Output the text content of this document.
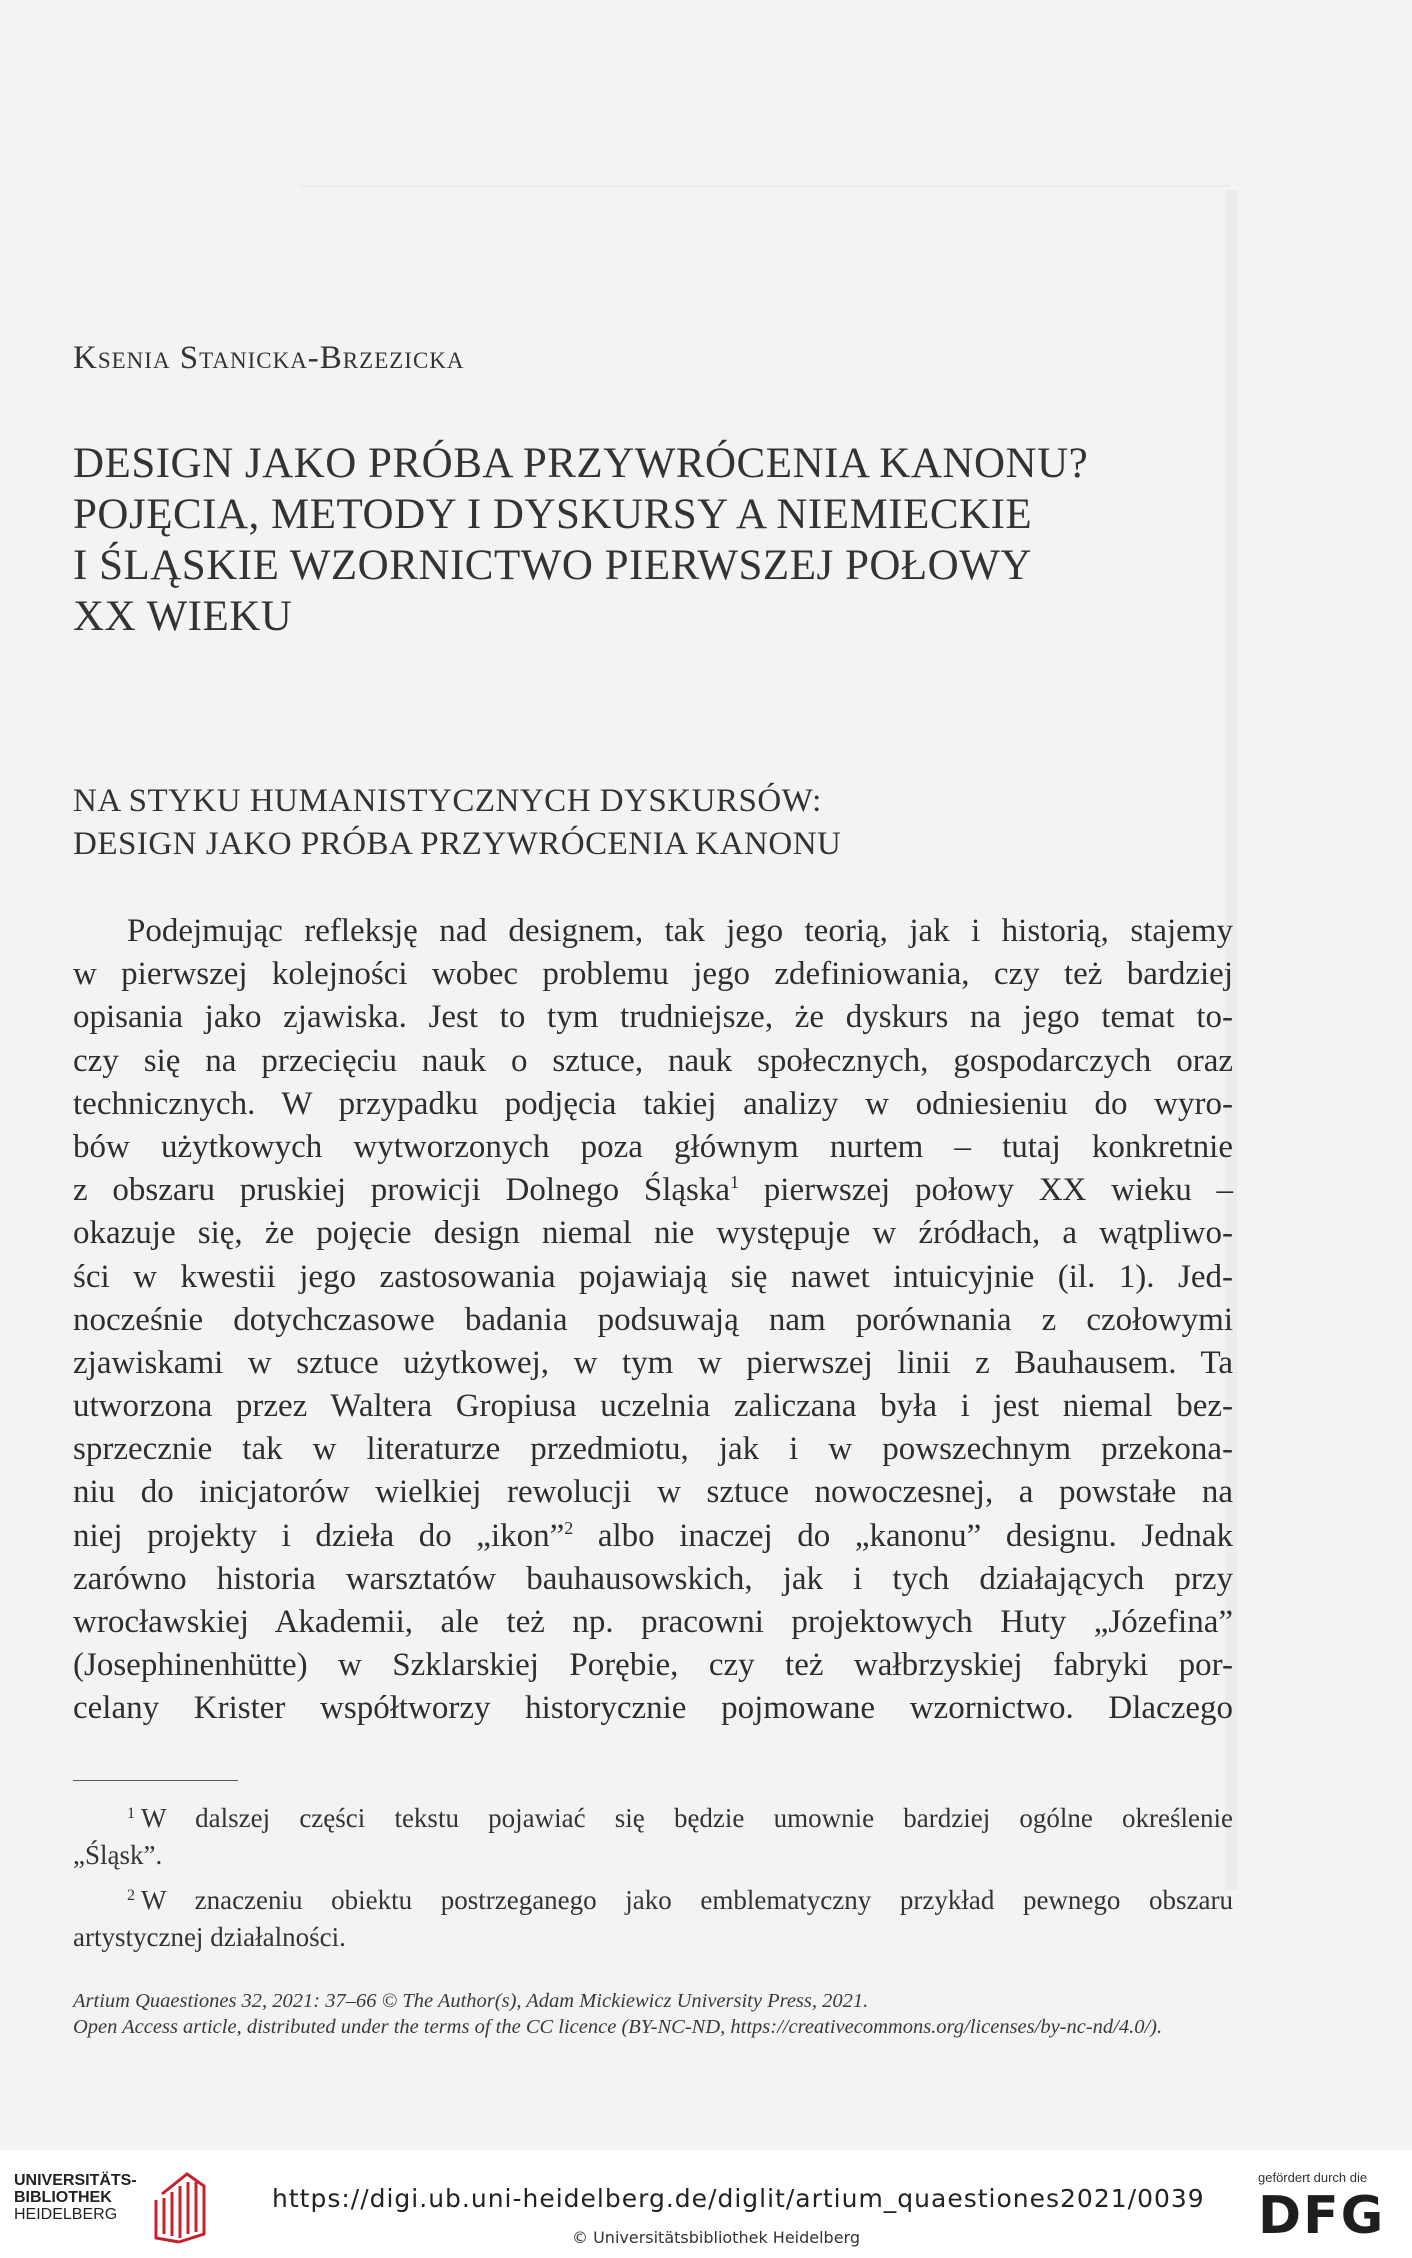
Ksenia Stanicka-Brzezicka
DESIGN JAKO PRÓBA PRZYWRÓCENIA KANONU?
POJĘCIA, METODY I DYSKURSY A NIEMIECKIE
I ŚLĄSKIE WZORNICTWO PIERWSZEJ POŁOWY
XX WIEKU
NA STYKU HUMANISTYCZNYCH DYSKURSÓW:
DESIGN JAKO PRÓBA PRZYWRÓCENIA KANONU
Podejmując refleksję nad designem, tak jego teorią, jak i historią, stajemy
w pierwszej kolejności wobec problemu jego zdefiniowania, czy też bardziej
opisania jako zjawiska. Jest to tym trudniejsze, że dyskurs na jego temat to-
czy się na przecięciu nauk o sztuce, nauk społecznych, gospodarczych oraz
technicznych. W przypadku podjęcia takiej analizy w odniesieniu do wyro-
bów użytkowych wytworzonych poza głównym nurtem – tutaj konkretnie
z obszaru pruskiej prowicji Dolnego Śląska$^1$ pierwszej połowy XX wieku –
okazuje się, że pojęcie design niemal nie występuje w źródłach, a wątpliwo-
ści w kwestii jego zastosowania pojawiają się nawet intuicyjnie (il. 1). Jed-
nocześnie dotychczasowe badania podsuwają nam porównania z czołowymi
zjawiskami w sztuce użytkowej, w tym w pierwszej linii z Bauhausem. Ta
utworzona przez Waltera Gropiusa uczelnia zaliczana była i jest niemal bez-
sprzecznie tak w literaturze przedmiotu, jak i w powszechnym przekona-
niu do inicjatorów wielkiej rewolucji w sztuce nowoczesnej, a powstałe na
niej projekty i dzieła do „ikon”$^2$ albo inaczej do „kanonu” designu. Jednak
zarówno historia warsztatów bauhausowskich, jak i tych działających przy
wrocławskiej Akademii, ale też np. pracowni projektowych Huty „Józefina”
(Josephinenhütte) w Szklarskiej Porębie, czy też wałbrzyskiej fabryki por-
celany Krister współtworzy historycznie pojmowane wzornictwo. Dlaczego
$^1$ W dalszej części tekstu pojawiać się będzie umownie bardziej ogólne określenie
„Śląsk”.
$^2$ W znaczeniu obiektu postrzeganego jako emblematyczny przykład pewnego obszaru
artystycznej działalności.
Artium Quaestiones 32, 2021: 37–66 © The Author(s), Adam Mickiewicz University Press, 2021.
Open Access article, distributed under the terms of the CC licence (BY-NC-ND, https://creativecommons.org/licenses/by-nc-nd/4.0/).
UNIVERSITÄTS-
BIBLIOTHEK
HEIDELBERG
https://digi.ub.uni-heidelberg.de/diglit/artium_quaestiones2021/0039
© Universitätsbibliothek Heidelberg
gefördert durch die
DFG
